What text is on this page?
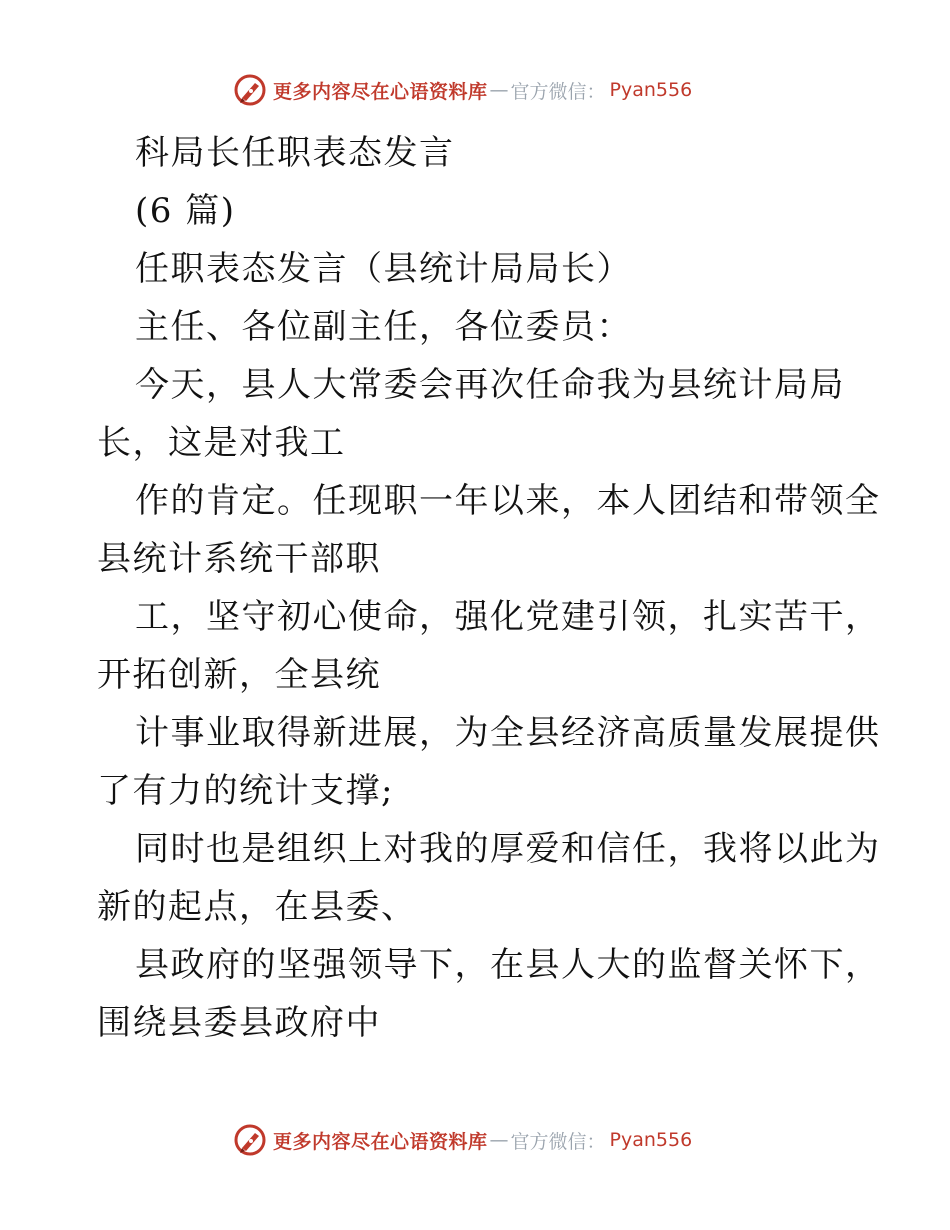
更多内容尽在心语资料库 — 官方微信： Pyan556
科局长任职表态发言
(6 篇)
任职表态发言（县统计局局长）
主任、各位副主任，各位委员：
今天，县人大常委会再次任命我为县统计局局
长，这是对我工
作的肯定。任现职一年以来，本人团结和带领全
县统计系统干部职
工，坚守初心使命，强化党建引领，扎实苦干，
开拓创新，全县统
计事业取得新进展，为全县经济高质量发展提供
了有力的统计支撑;
同时也是组织上对我的厚爱和信任，我将以此为
新的起点，在县委、
县政府的坚强领导下，在县人大的监督关怀下，
围绕县委县政府中
更多内容尽在心语资料库 — 官方微信： Pyan556
